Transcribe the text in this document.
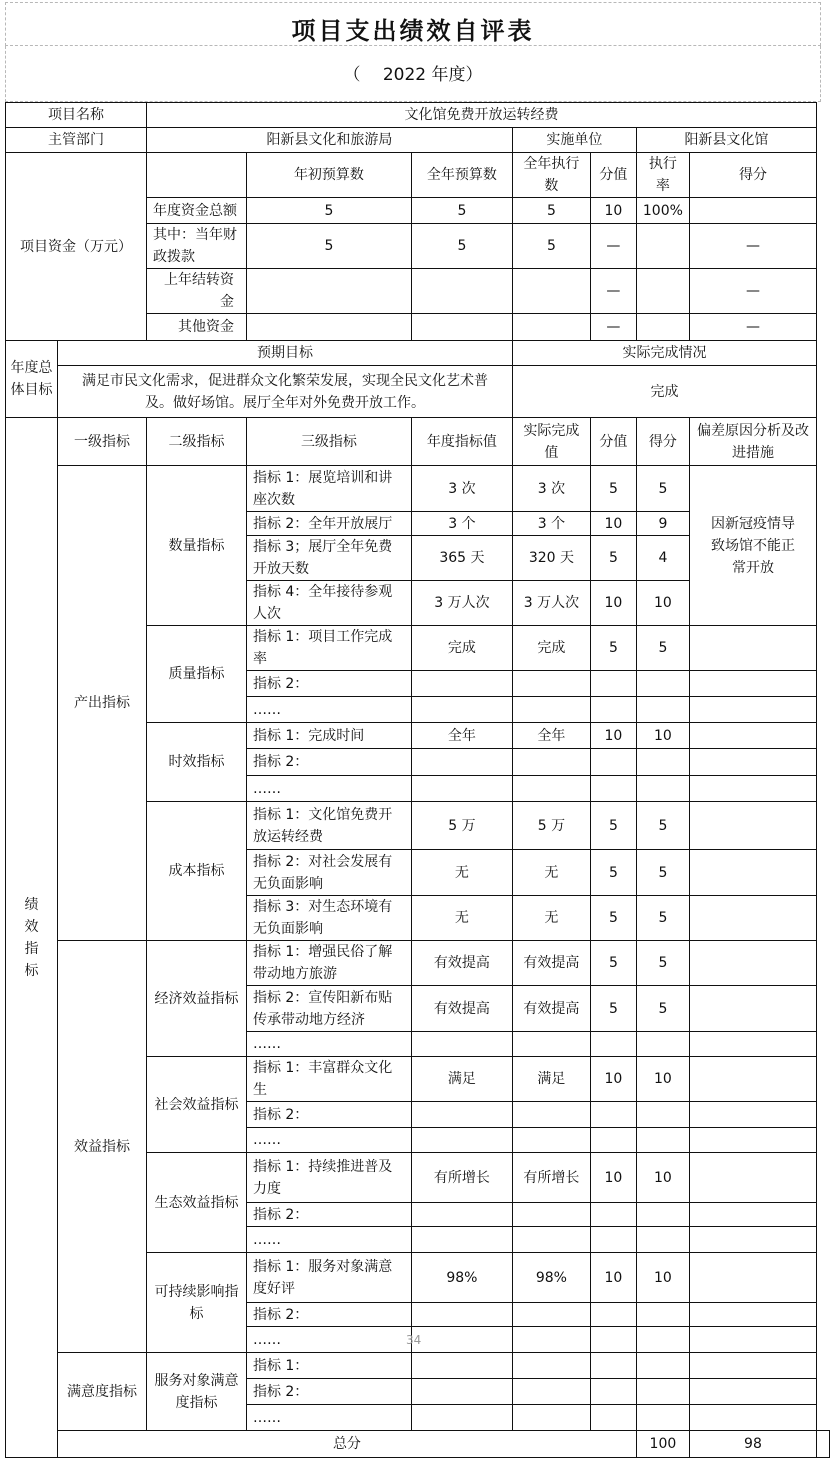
项目支出绩效自评表
（　 2022 年度）
项目名称		文化馆免费开放运转经费							
主管部门		阳新县文化和旅游局			实施单位		阳新县文化馆		
项目资金（万元）			年初预算数	全年预算数	全年执行数	分值	执行率	得分	
		年度资金总额	5	5	5	10	100%		
		其中：当年财政拨款	5	5	5	—		—	
		上年结转资金				—		—	
		其他资金				—		—	
年度总体目标	预期目标				实际完成情况				
	满足市民文化需求，促进群众文化繁荣发展，实现全民文化艺术普及。做好场馆。展厅全年对外免费开放工作。				完成				
绩效指标	一级指标	二级指标	三级指标	年度指标值	实际完成值	分值	得分	偏差原因分析及改进措施	
	产出指标	数量指标	指标 1：展览培训和讲座次数	3 次	3 次	5	5	因新冠疫情导致场馆不能正常开放	
			指标 2：全年开放展厅	3 个	3 个	10	9		
			指标 3；展厅全年免费开放天数	365 天	320 天	5	4		
			指标 4：全年接待参观人次	3 万人次	3 万人次	10	10		
		质量指标	指标 1：项目工作完成率	完成	完成	5	5		
			指标 2：						
			……						
		时效指标	指标 1：完成时间	全年	全年	10	10		
			指标 2：						
			……						
		成本指标	指标 1：文化馆免费开放运转经费	5 万	5 万	5	5		
			指标 2：对社会发展有无负面影响	无	无	5	5		
			指标 3：对生态环境有无负面影响	无	无	5	5		
	效益指标	经济效益指标	指标 1：增强民俗了解带动地方旅游	有效提高	有效提高	5	5		
			指标 2：宣传阳新布贴传承带动地方经济	有效提高	有效提高	5	5		
			……						
		社会效益指标	指标 1：丰富群众文化生	满足	满足	10	10		
			指标 2：						
			……						
		生态效益指标	指标 1：持续推进普及力度	有所增长	有所增长	10	10		
			指标 2：						
			……						
		可持续影响指标	指标 1：服务对象满意度好评	98%	98%	10	10		
			指标 2：						
			……						
	满意度指标	服务对象满意度指标	指标 1：						
			指标 2：						
			……						
	总分						100	98	
34
